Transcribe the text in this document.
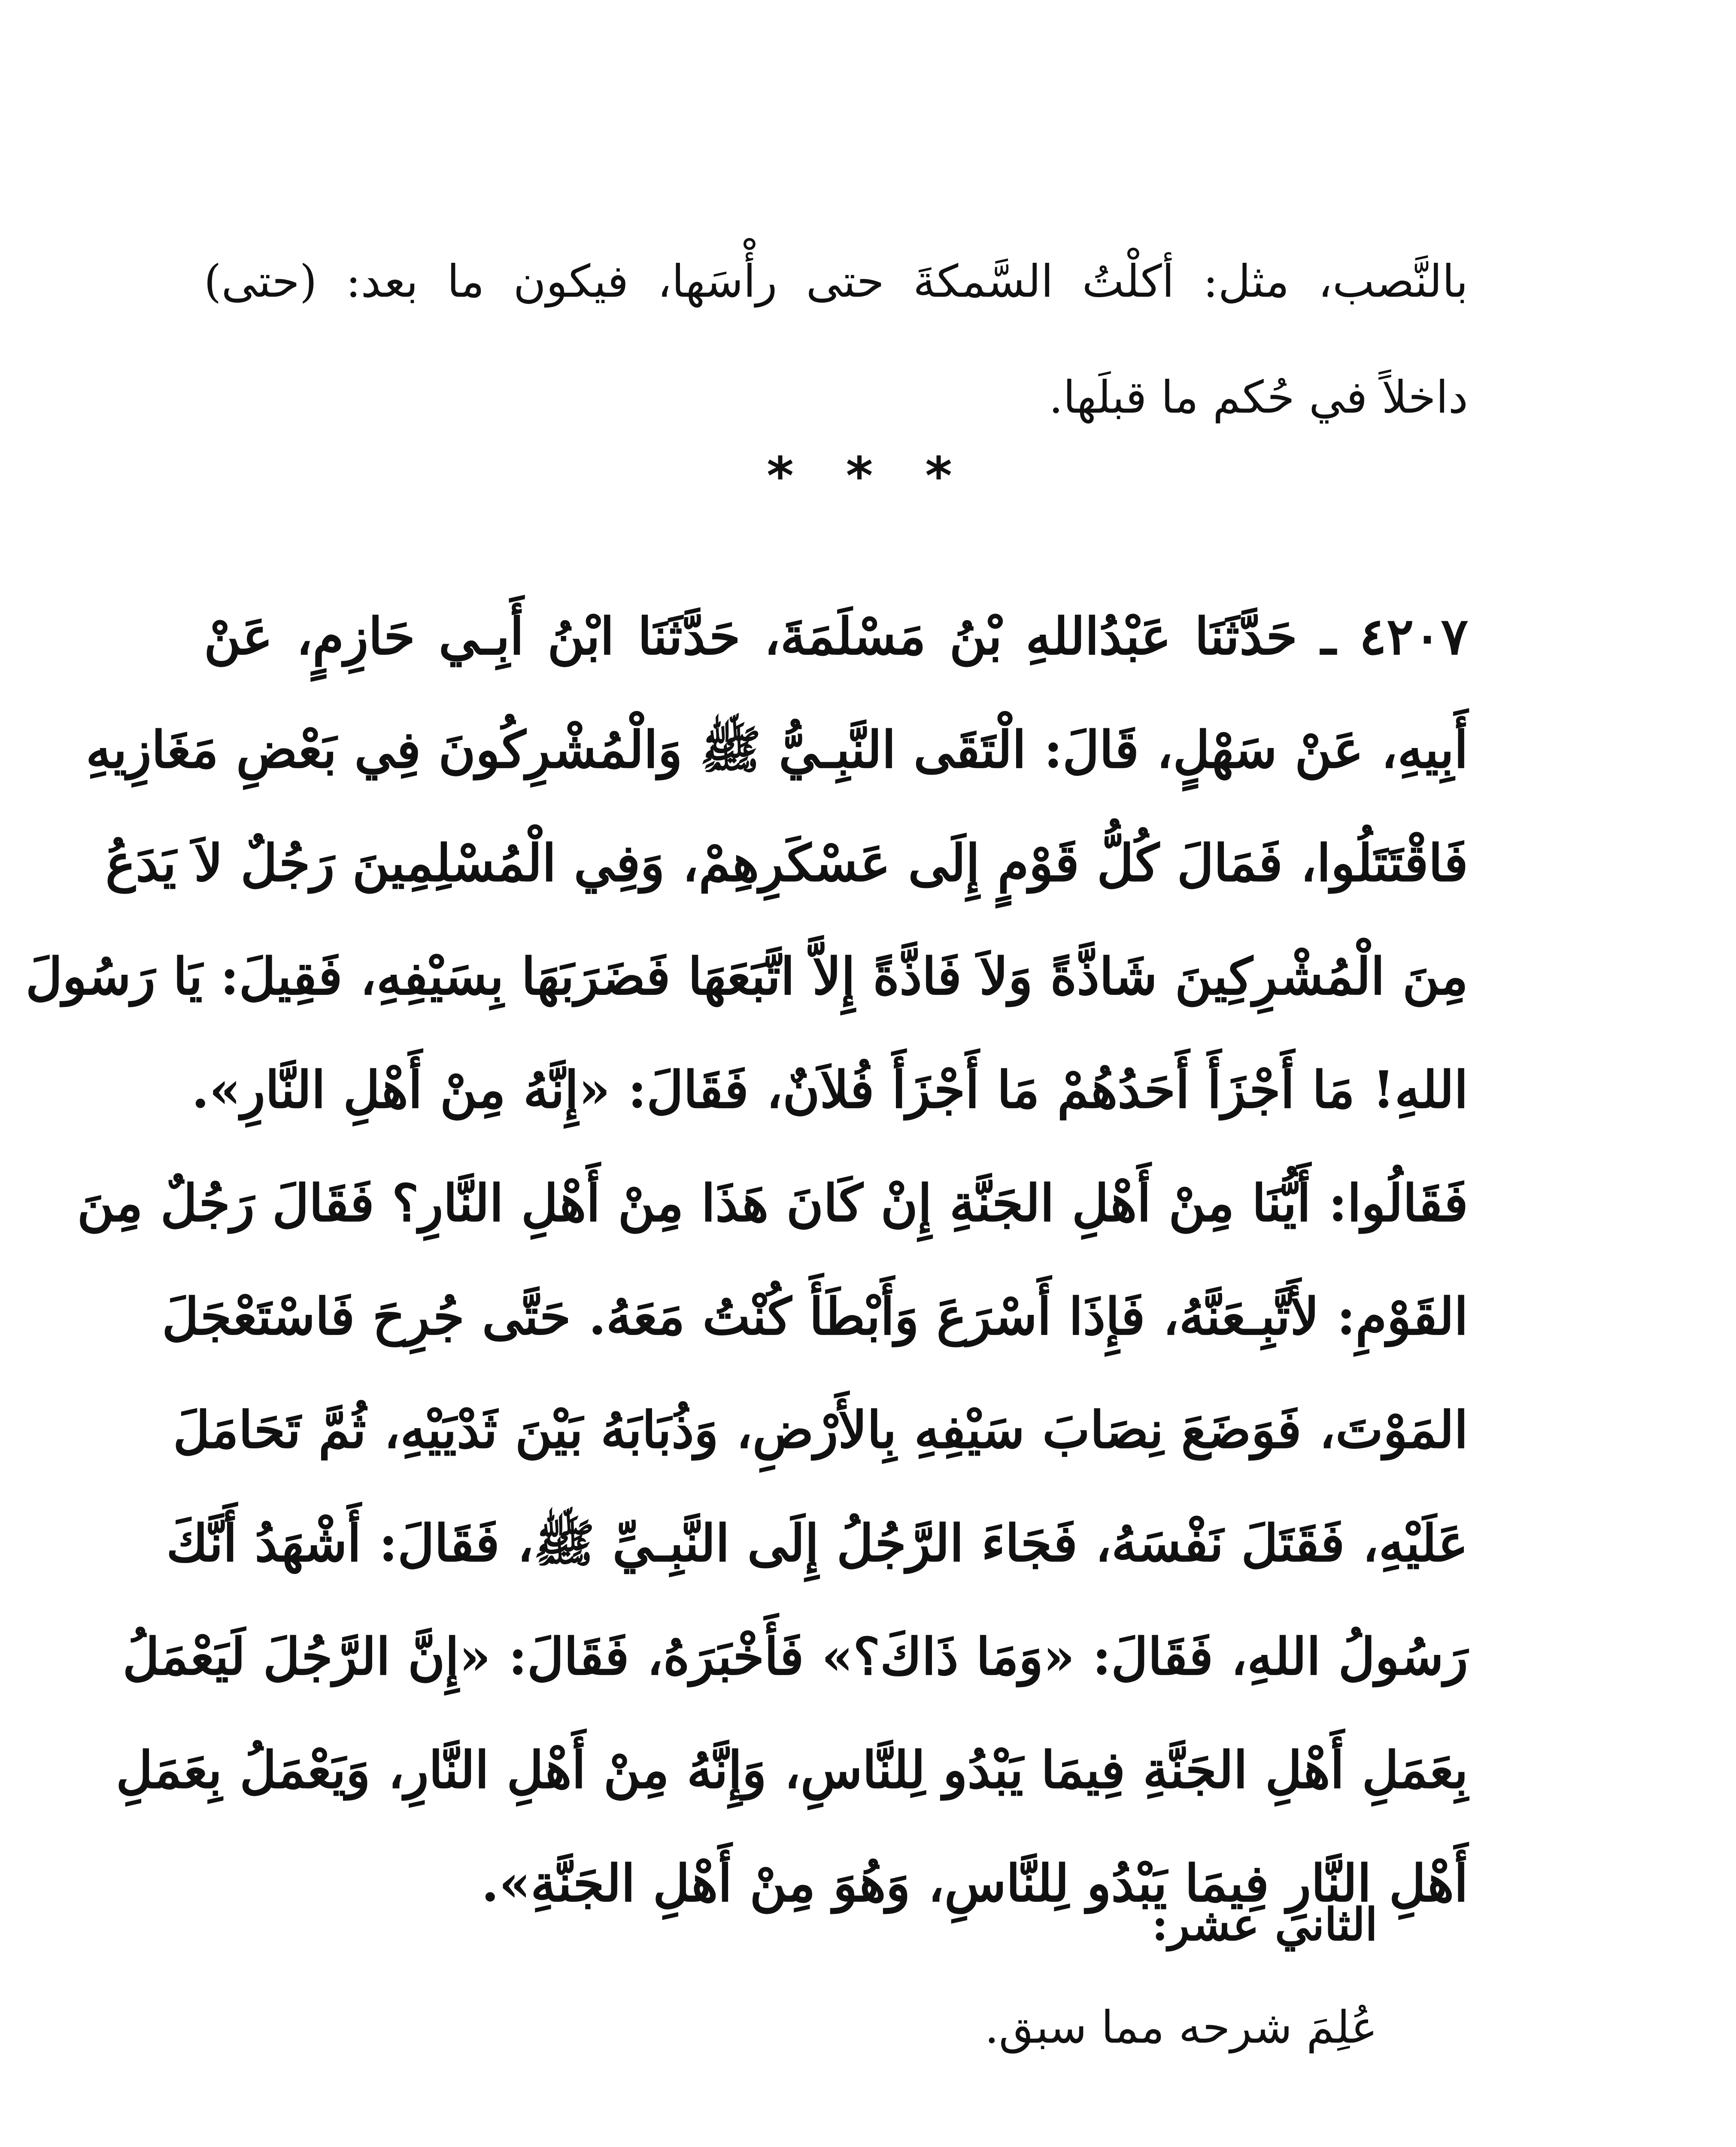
بالنَّصب، مثل: أكلْتُ السَّمكةَ حتى رأْسَها، فيكون ما بعد: (حتى)
داخلاً في حُكم ما قبلَها.
* * *
٤٢٠٧ ـ حَدَّثَنَا عَبْدُاللهِ بْنُ مَسْلَمَةَ، حَدَّثَنَا ابْنُ أَبِـي حَازِمٍ، عَنْ
أَبِيهِ، عَنْ سَهْلٍ، قَالَ: الْتَقَى النَّبِـيُّ ﷺ وَالْمُشْرِكُونَ فِي بَعْضِ مَغَازِيهِ
فَاقْتَتَلُوا، فَمَالَ كُلُّ قَوْمٍ إِلَى عَسْكَرِهِمْ، وَفِي الْمُسْلِمِينَ رَجُلٌ لاَ يَدَعُ
مِنَ الْمُشْرِكِينَ شَاذَّةً وَلاَ فَاذَّةً إِلاَّ اتَّبَعَهَا فَضَرَبَهَا بِسَيْفِهِ، فَقِيلَ: يَا رَسُولَ
اللهِ! مَا أَجْزَأَ أَحَدُهُمْ مَا أَجْزَأَ فُلاَنٌ، فَقَالَ: «إِنَّهُ مِنْ أَهْلِ النَّارِ».
فَقَالُوا: أَيُّنَا مِنْ أَهْلِ الجَنَّةِ إِنْ كَانَ هَذَا مِنْ أَهْلِ النَّارِ؟ فَقَالَ رَجُلٌ مِنَ
القَوْمِ: لأَتَّبِـعَنَّهُ، فَإِذَا أَسْرَعَ وَأَبْطَأَ كُنْتُ مَعَهُ. حَتَّى جُرِحَ فَاسْتَعْجَلَ
المَوْتَ، فَوَضَعَ نِصَابَ سَيْفِهِ بِالأَرْضِ، وَذُبَابَهُ بَيْنَ ثَدْيَيْهِ، ثُمَّ تَحَامَلَ
عَلَيْهِ، فَقَتَلَ نَفْسَهُ، فَجَاءَ الرَّجُلُ إِلَى النَّبِـيِّ ﷺ، فَقَالَ: أَشْهَدُ أَنَّكَ
رَسُولُ اللهِ، فَقَالَ: «وَمَا ذَاكَ؟» فَأَخْبَرَهُ، فَقَالَ: «إِنَّ الرَّجُلَ لَيَعْمَلُ
بِعَمَلِ أَهْلِ الجَنَّةِ فِيمَا يَبْدُو لِلنَّاسِ، وَإِنَّهُ مِنْ أَهْلِ النَّارِ، وَيَعْمَلُ بِعَمَلِ
أَهْلِ النَّارِ فِيمَا يَبْدُو لِلنَّاسِ، وَهُوَ مِنْ أَهْلِ الجَنَّةِ».
الثاني عشر:
عُلِمَ شرحه مما سبق.
